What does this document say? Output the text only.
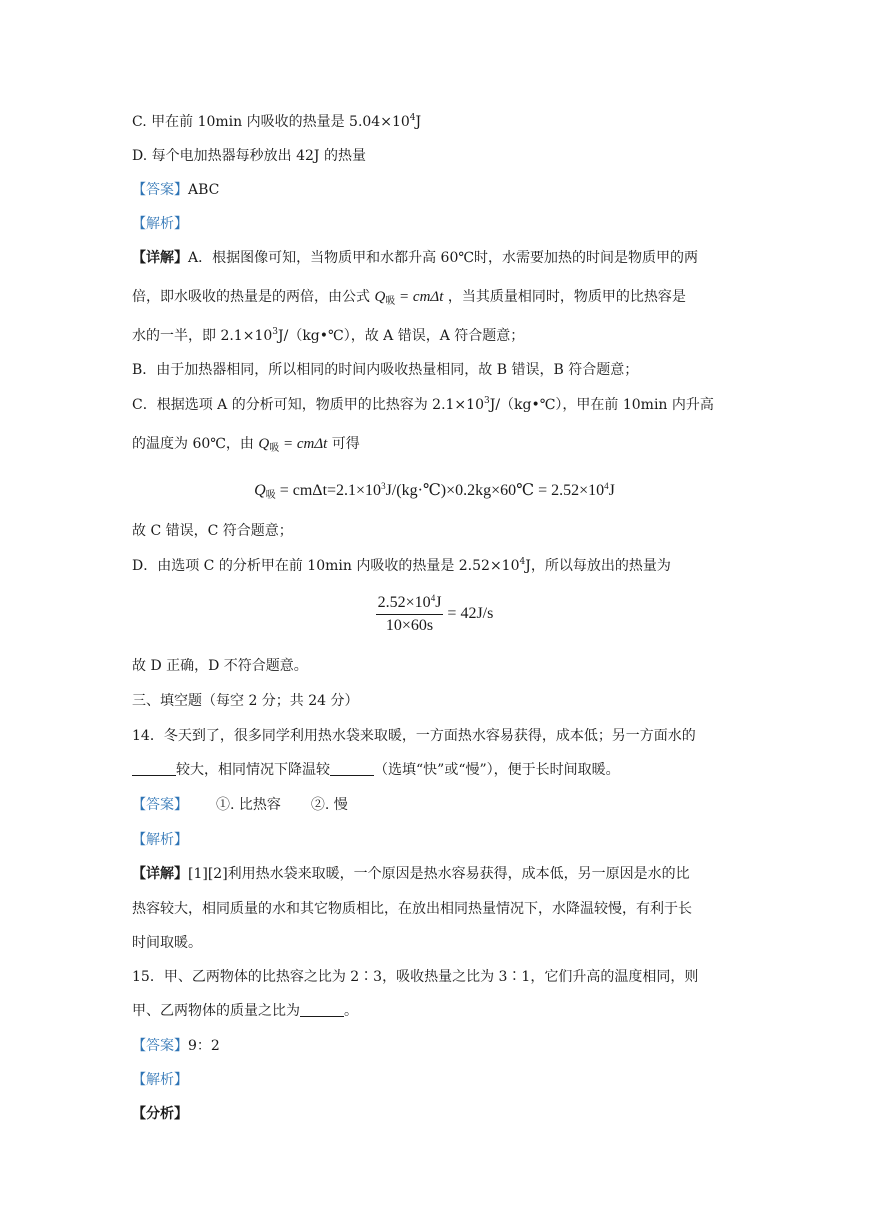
C. 甲在前 10min 内吸收的热量是 $5.04\times 10^4J$
D. 每个电加热器每秒放出 42J 的热量
【答案】ABC
【解析】
【详解】A．根据图像可知，当物质甲和水都升高 60℃时，水需要加热的时间是物质甲的两
倍，即水吸收的热量是的两倍，由公式 $Q_吸 = cm\Delta t$ ，当其质量相同时，物质甲的比热容是
水的一半，即 $2.1\times 10^3J/(kg•℃)$，故 A 错误，A 符合题意；
B．由于加热器相同，所以相同的时间内吸收热量相同，故 B 错误，B 符合题意；
C．根据选项 A 的分析可知，物质甲的比热容为 $2.1\times 10^3J/(kg•℃)$，甲在前 10min 内升高
的温度为 60℃，由 $Q_吸 = cm\Delta t$ 可得
$Q_吸$ = $cm\Delta t=2.1\times 10^3J/(kg\cdot℃)\times 0.2kg\times 60℃ = 2.52\times 10^4J$
故 C 错误，C 符合题意；
D．由选项 C 的分析甲在前 10min 内吸收的热量是 $2.52\times 10^4J$，所以每放出的热量为
$\frac{2.52\times 10^4J}{10\times 60s} = 42J/s$
故 D 正确，D 不符合题意。
三、填空题（每空 2 分；共 24 分）
14．冬天到了，很多同学利用热水袋来取暖，一方面热水容易获得，成本低；另一方面水的
较大，相同情况下降温较	（选填“快”或“慢”），便于长时间取暖。
【答案】 ①. 比热容 ②. 慢
【解析】
【详解】[1][2]利用热水袋来取暖，一个原因是热水容易获得，成本低，另一原因是水的比
热容较大，相同质量的水和其它物质相比，在放出相同热量情况下，水降温较慢，有利于长
时间取暖。
15．甲、乙两物体的比热容之比为 2∶3，吸收热量之比为 3∶1，它们升高的温度相同，则
甲、乙两物体的质量之比为	。
【答案】9：2
【解析】
【分析】
